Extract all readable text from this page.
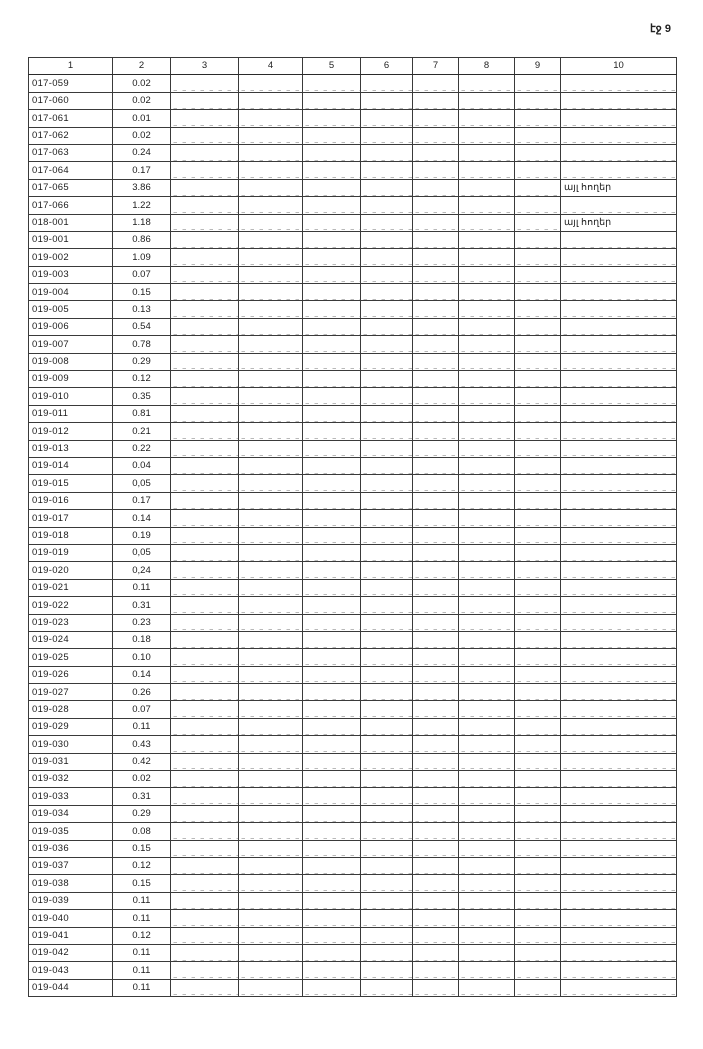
էջ 9
1	2	3	4	5	6	7	8	9	10
017-059	0.02								
017-060	0.02								
017-061	0.01								
017-062	0.02								
017-063	0.24								
017-064	0.17								
017-065	3.86								այլ հողեր
017-066	1.22								
018-001	1.18								այլ հողեր
019-001	0.86								
019-002	1.09								
019-003	0.07								
019-004	0.15								
019-005	0.13								
019-006	0.54								
019-007	0.78								
019-008	0.29								
019-009	0.12								
019-010	0.35								
019-011	0.81								
019-012	0.21								
019-013	0.22								
019-014	0.04								
019-015	0,05								
019-016	0.17								
019-017	0.14								
019-018	0.19								
019-019	0,05								
019-020	0,24								
019-021	0.11								
019-022	0.31								
019-023	0.23								
019-024	0.18								
019-025	0.10								
019-026	0.14								
019-027	0.26								
019-028	0.07								
019-029	0.11								
019-030	0.43								
019-031	0.42								
019-032	0.02								
019-033	0.31								
019-034	0.29								
019-035	0.08								
019-036	0.15								
019-037	0.12								
019-038	0.15								
019-039	0.11								
019-040	0.11								
019-041	0.12								
019-042	0.11								
019-043	0.11								
019-044	0.11								
